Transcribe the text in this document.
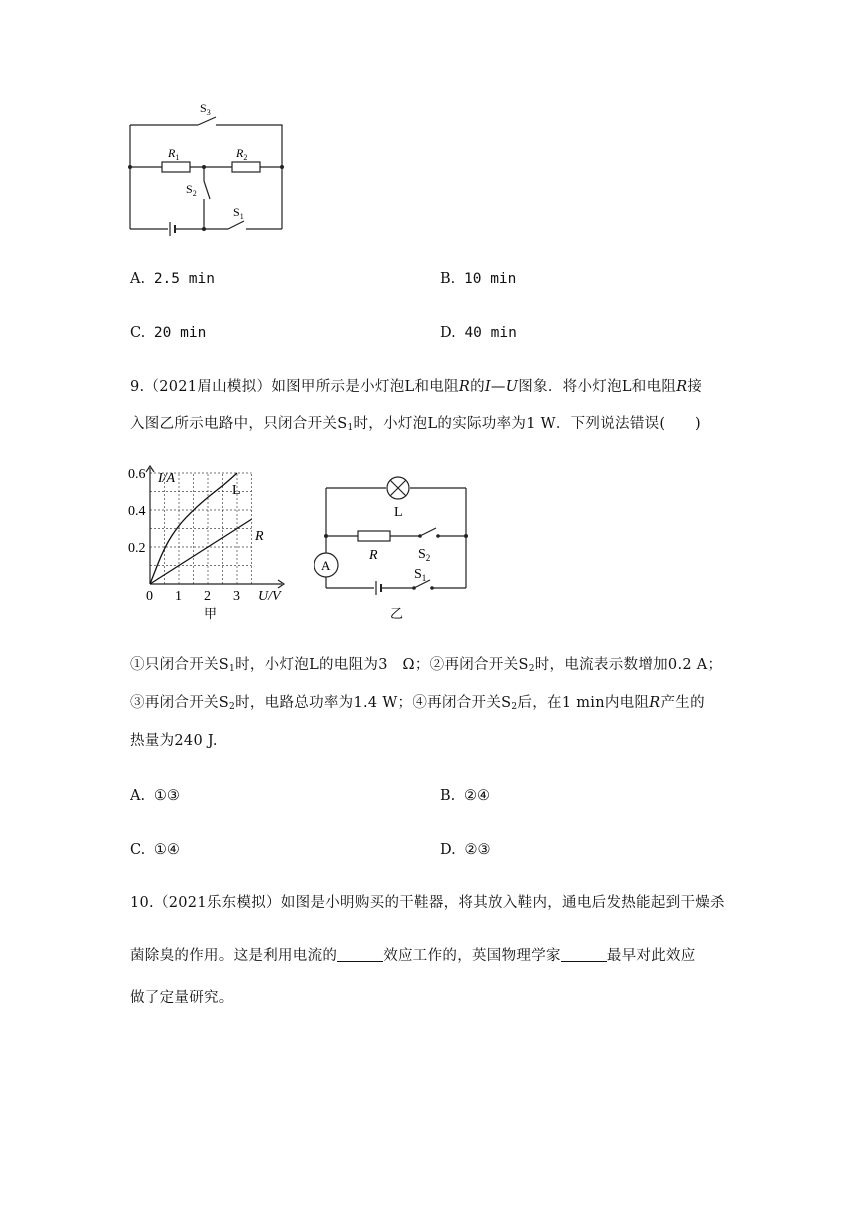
$S_3$
$R_1$	$R_2$
$S_2$
$S_1$
A. 2.5 min	B. 10 min
C. 20 min	D. 40 min
9.（2021眉山模拟）如图甲所示是小灯泡L和电阻R的I—U图象．将小灯泡L和电阻R接
入图乙所示电路中，只闭合开关$S_1$时，小灯泡L的实际功率为1 W．下列说法错误(　　)
0.6
0.4
0.2
0 1 2 3
I/A
U/V
L
R
甲
L
R
A
$S_2$
$S_1$
乙
①只闭合开关$S_1$时，小灯泡L的电阻为3　Ω；②再闭合开关$S_2$时，电流表示数增加0.2 A；
③再闭合开关$S_2$时，电路总功率为1.4 W；④再闭合开关$S_2$后，在1 min内电阻R产生的
热量为240 J.
A. ①③	B. ②④
C. ①④	D. ②③
10.（2021乐东模拟）如图是小明购买的干鞋器，将其放入鞋内，通电后发热能起到干燥杀
菌除臭的作用。这是利用电流的	效应工作的，英国物理学家	最早对此效应
做了定量研究。
